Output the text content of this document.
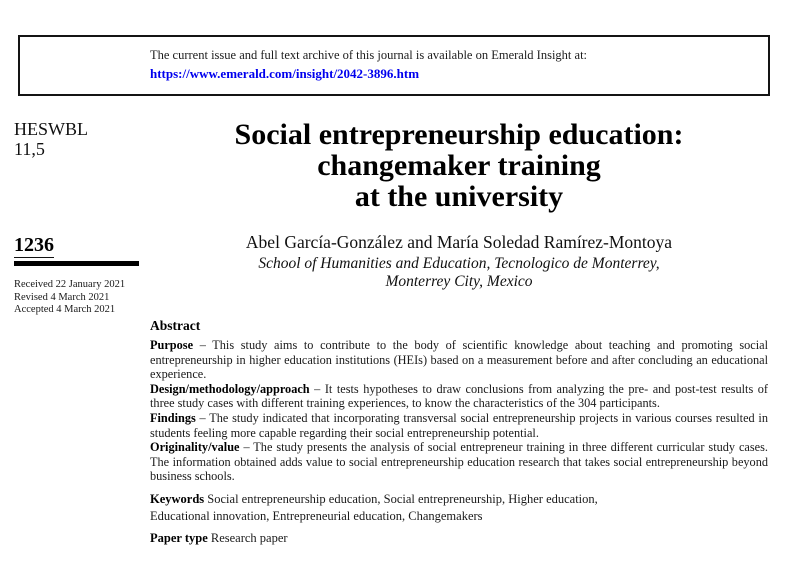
The current issue and full text archive of this journal is available on Emerald Insight at:
https://www.emerald.com/insight/2042-3896.htm
HESWBL
11,5
1236
Received 22 January 2021
Revised 4 March 2021
Accepted 4 March 2021
Social entrepreneurship education:
changemaker training
at the university
Abel García-González and María Soledad Ramírez-Montoya
School of Humanities and Education, Tecnologico de Monterrey,
Monterrey City, Mexico
Abstract

Purpose – This study aims to contribute to the body of scientific knowledge about teaching and promoting social entrepreneurship in higher education institutions (HEIs) based on a measurement before and after concluding an educational experience.

Design/methodology/approach – It tests hypotheses to draw conclusions from analyzing the pre- and post-test results of three study cases with different training experiences, to know the characteristics of the 304 participants.

Findings – The study indicated that incorporating transversal social entrepreneurship projects in various courses resulted in students feeling more capable regarding their social entrepreneurship potential.

Originality/value – The study presents the analysis of social entrepreneur training in three different curricular study cases. The information obtained adds value to social entrepreneurship education research that takes social entrepreneurship beyond business schools.

Keywords Social entrepreneurship education, Social entrepreneurship, Higher education,
Educational innovation, Entrepreneurial education, Changemakers

Paper type Research paper
